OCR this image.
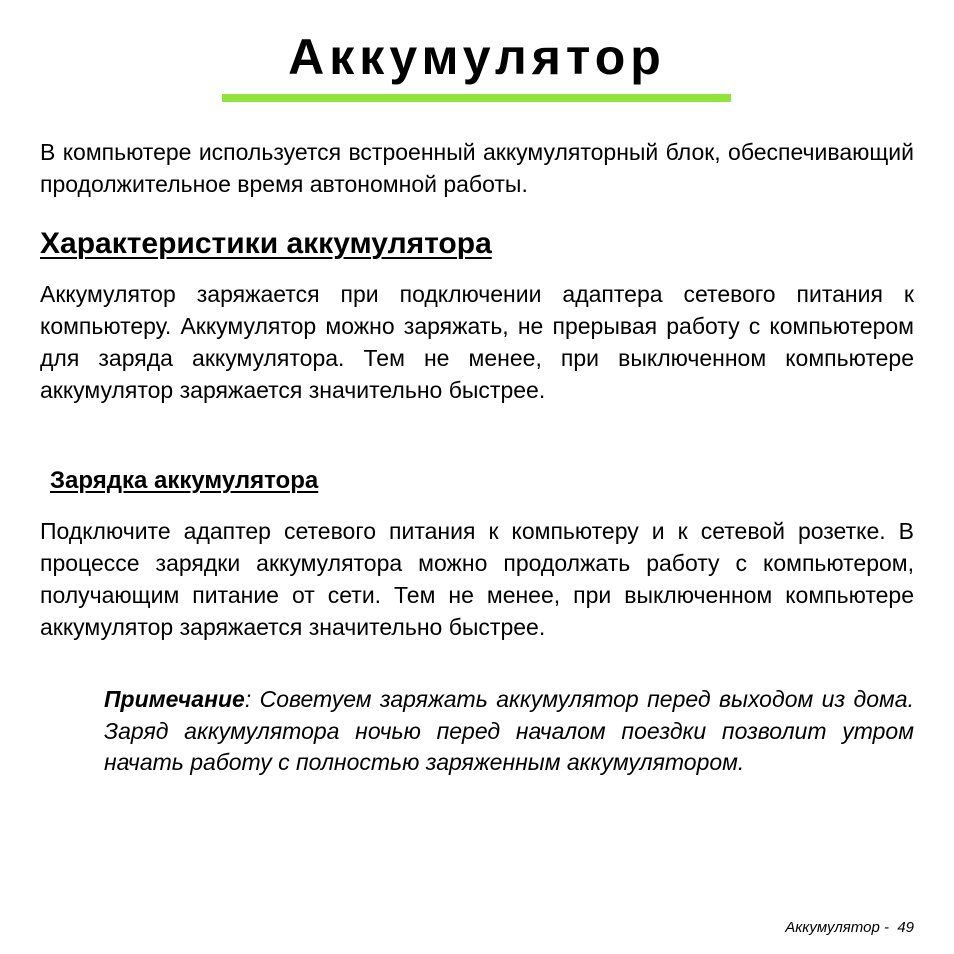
Аккумулятор

В компьютере используется встроенный аккумуляторный блок, обеспечивающий продолжительное время автономной работы.

Характеристики аккумулятора

Аккумулятор заряжается при подключении адаптера сетевого питания к компьютеру. Аккумулятор можно заряжать, не прерывая работу с компьютером для заряда аккумулятора. Тем не менее, при выключенном компьютере аккумулятор заряжается значительно быстрее.

Зарядка аккумулятора

Подключите адаптер сетевого питания к компьютеру и к сетевой розетке. В процессе зарядки аккумулятора можно продолжать работу с компьютером, получающим питание от сети. Тем не менее, при выключенном компьютере аккумулятор заряжается значительно быстрее.

Примечание: Советуем заряжать аккумулятор перед выходом из дома. Заряд аккумулятора ночью перед началом поездки позволит утром начать работу с полностью заряженным аккумулятором.

Аккумулятор -  49
